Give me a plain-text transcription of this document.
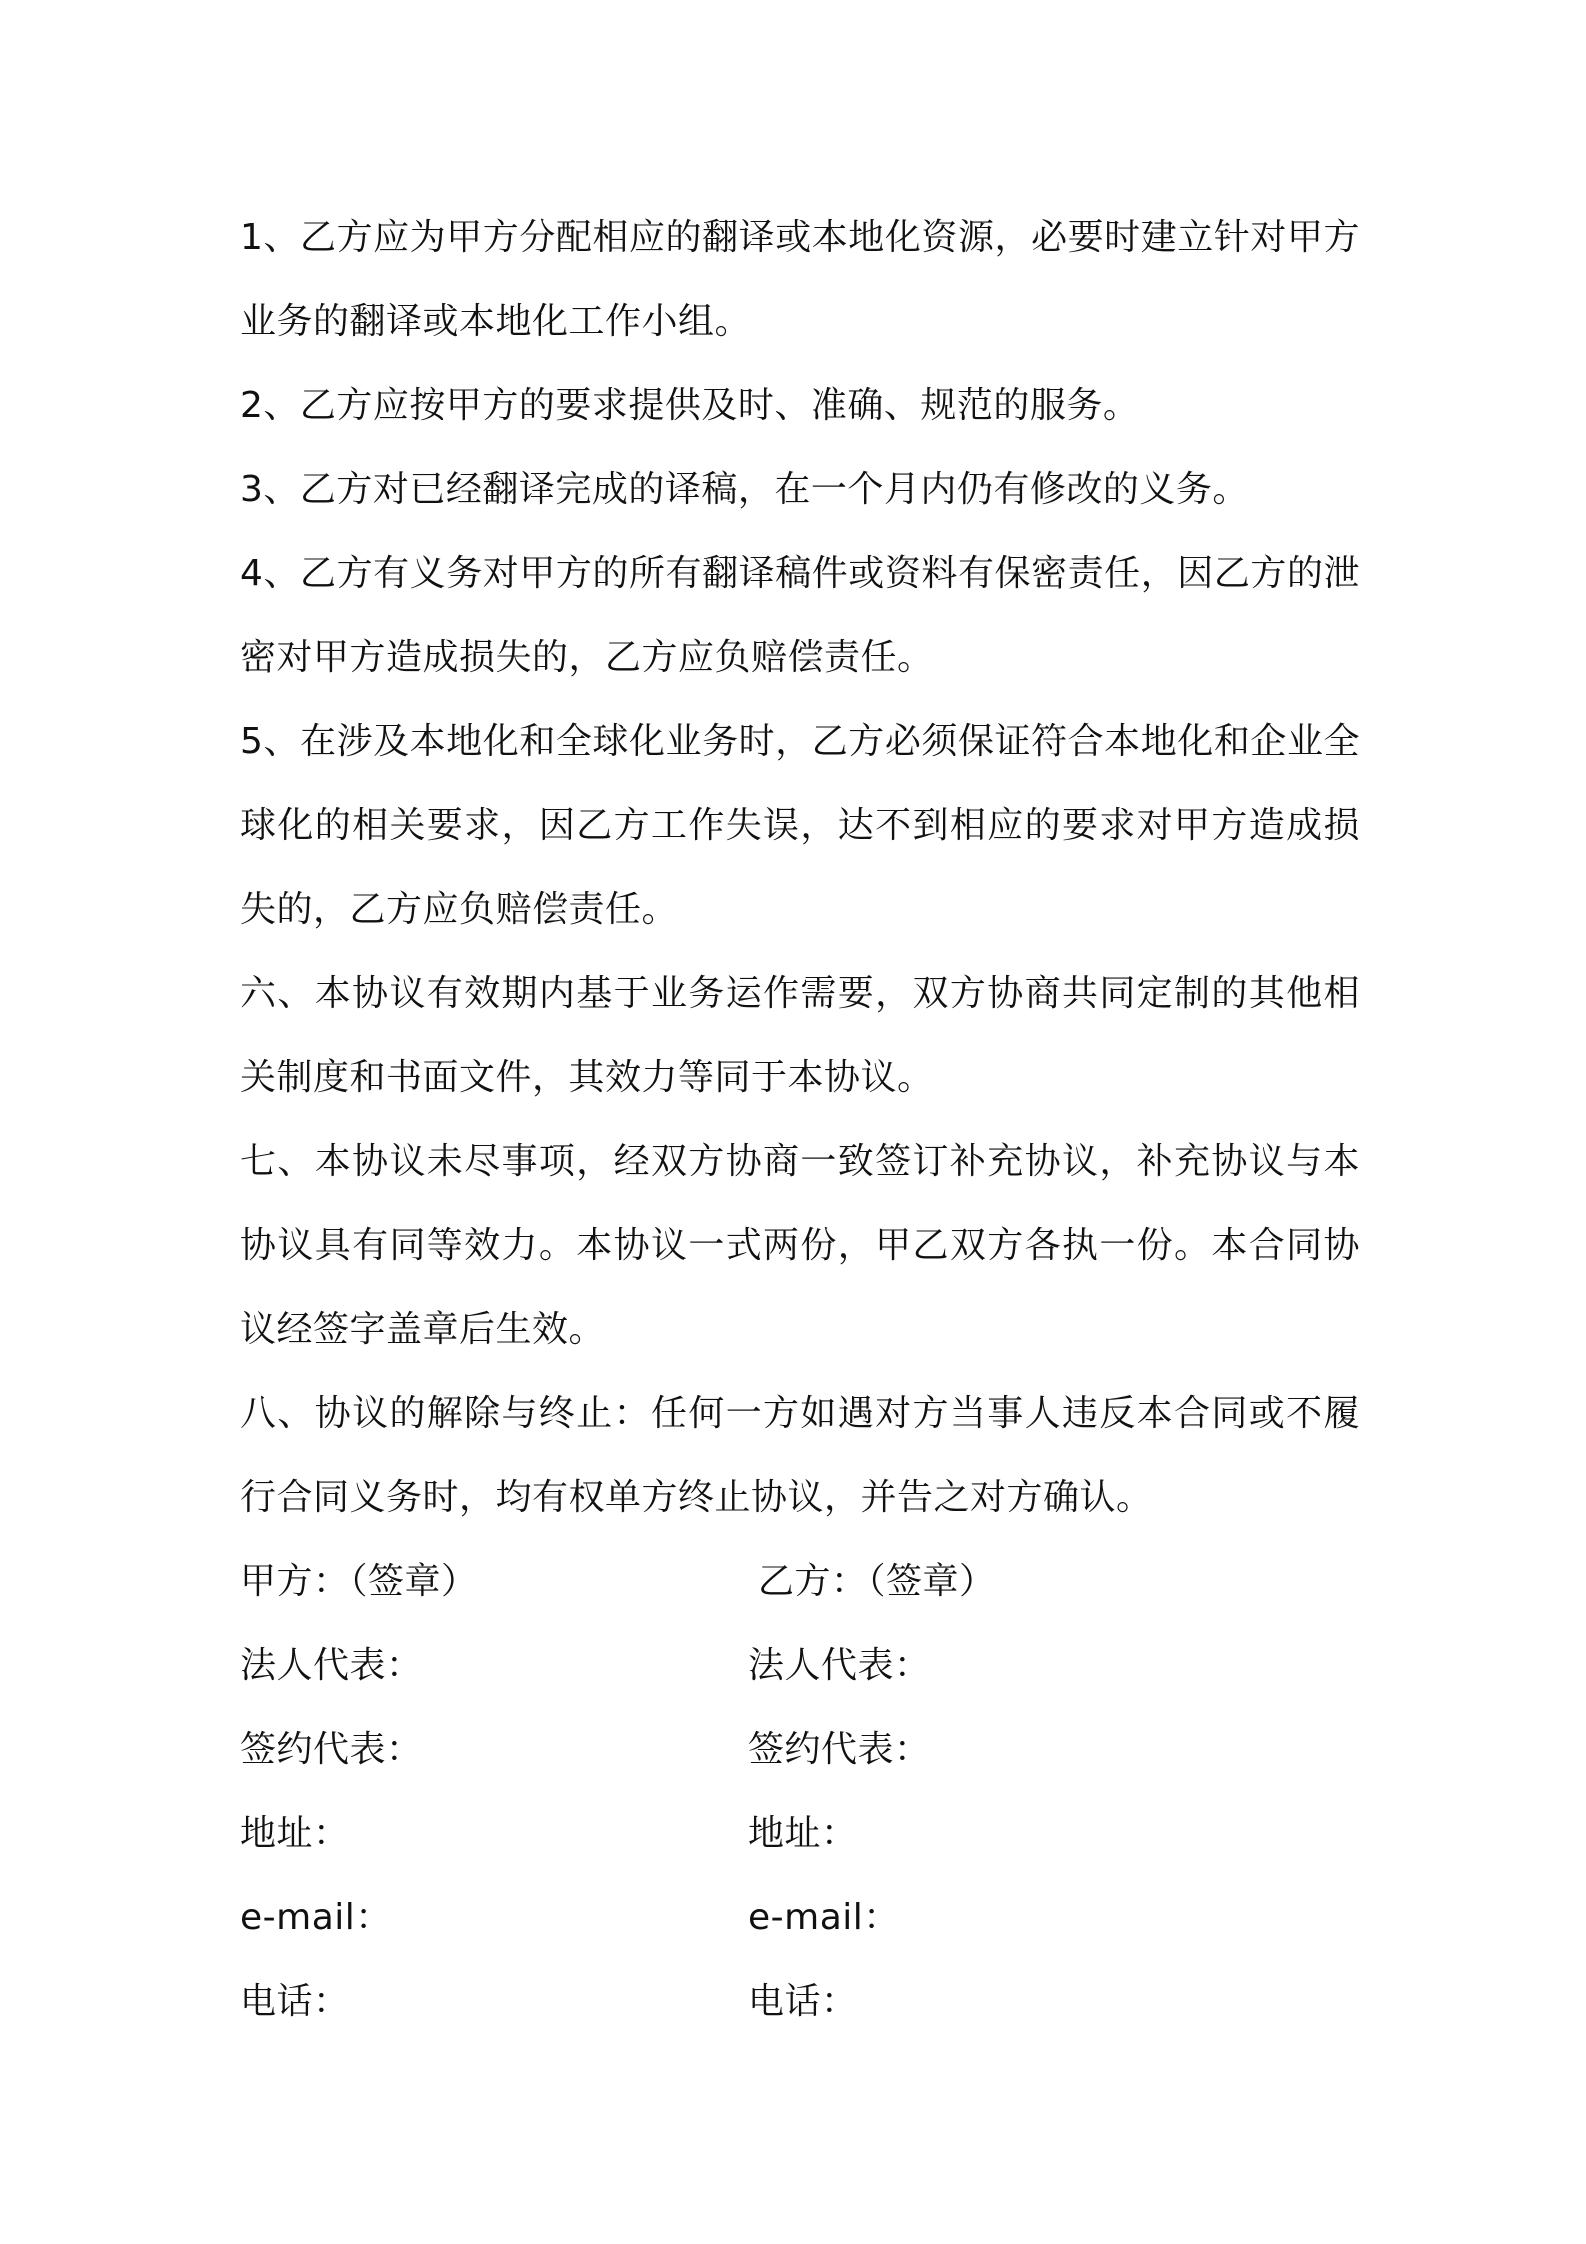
1、乙方应为甲方分配相应的翻译或本地化资源，必要时建立针对甲方业务的翻译或本地化工作小组。

2、乙方应按甲方的要求提供及时、准确、规范的服务。

3、乙方对已经翻译完成的译稿，在一个月内仍有修改的义务。

4、乙方有义务对甲方的所有翻译稿件或资料有保密责任，因乙方的泄密对甲方造成损失的，乙方应负赔偿责任。

5、在涉及本地化和全球化业务时，乙方必须保证符合本地化和企业全球化的相关要求，因乙方工作失误，达不到相应的要求对甲方造成损失的，乙方应负赔偿责任。

六、本协议有效期内基于业务运作需要，双方协商共同定制的其他相关制度和书面文件，其效力等同于本协议。

七、本协议未尽事项，经双方协商一致签订补充协议，补充协议与本协议具有同等效力。本协议一式两份，甲乙双方各执一份。本合同协议经签字盖章后生效。

八、协议的解除与终止：任何一方如遇对方当事人违反本合同或不履行合同义务时，均有权单方终止协议，并告之对方确认。

甲方：（签章）	乙方：（签章）
法人代表：	法人代表：
签约代表：	签约代表：
地址：	地址：
e-mail：	e-mail：
电话：	电话：
